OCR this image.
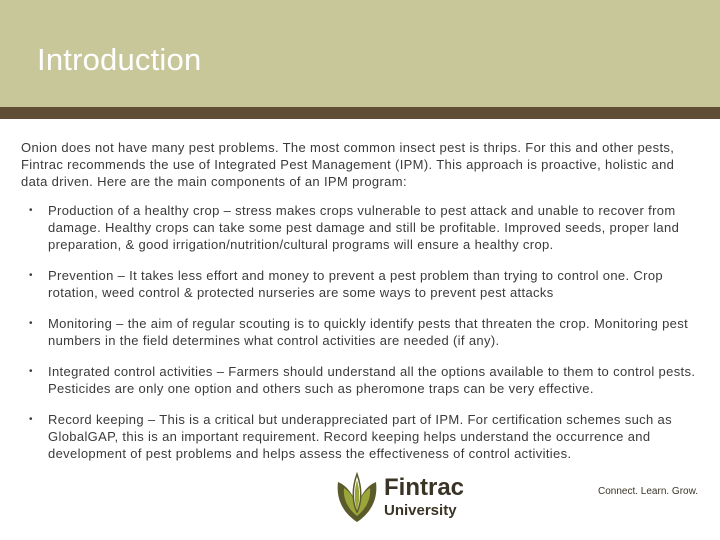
Introduction

Onion does not have many pest problems. The most common insect pest is thrips. For this and other pests, Fintrac recommends the use of Integrated Pest Management (IPM). This approach is proactive, holistic and data driven. Here are the main components of an IPM program:

• Production of a healthy crop – stress makes crops vulnerable to pest attack and unable to recover from damage. Healthy crops can take some pest damage and still be profitable. Improved seeds, proper land preparation, & good irrigation/nutrition/cultural programs will ensure a healthy crop.
• Prevention – It takes less effort and money to prevent a pest problem than trying to control one. Crop rotation, weed control & protected nurseries are some ways to prevent pest attacks
• Monitoring – the aim of regular scouting is to quickly identify pests that threaten the crop. Monitoring pest numbers in the field determines what control activities are needed (if any).
• Integrated control activities – Farmers should understand all the options available to them to control pests. Pesticides are only one option and others such as pheromone traps can be very effective.
• Record keeping – This is a critical but underappreciated part of IPM. For certification schemes such as GlobalGAP, this is an important requirement. Record keeping helps understand the occurrence and development of pest problems and helps assess the effectiveness of control activities.
Fintrac
University
Connect. Learn. Grow.
